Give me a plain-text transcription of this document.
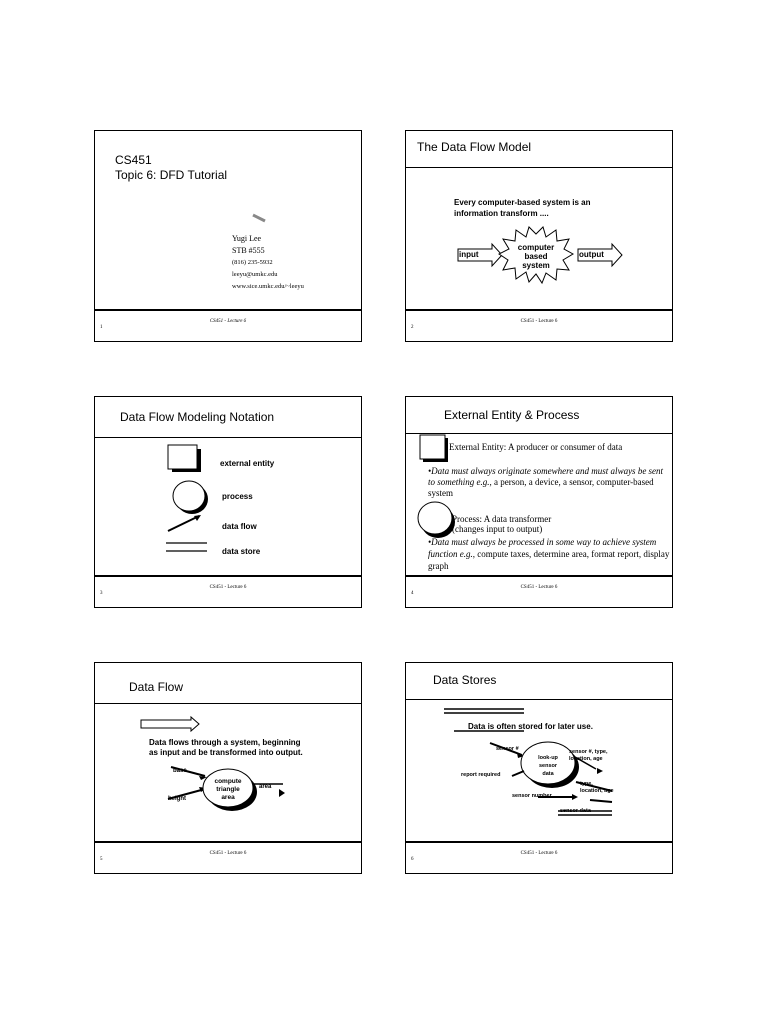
CS451
Topic 6: DFD Tutorial
Yugi Lee
STB #555
(816) 235-5932
leeyu@umkc.edu
www.sice.umkc.edu/~leeyu
CS451 - Lecture 6
1
The Data Flow Model
Every computer-based system is an
information transform ....
input
computer
based
system
output
CS451 - Lecture 6
2
Data Flow Modeling Notation
external entity
process
data flow
data store
CS451 - Lecture 6
3
External Entity & Process
External Entity: A producer or consumer of data
•Data must always originate somewhere and must always be sent to something e.g., a person, a device, a sensor, computer-based system
Process: A data transformer
(changes input to output)
•Data must always be processed in some way to achieve system function e.g., compute taxes, determine area, format report, display graph
CS451 - Lecture 6
4
Data Flow
Data flows through a system, beginning
as input and be transformed into output.
base
height
compute
triangle
area
area
CS451 - Lecture 6
5
Data Stores
Data is often stored for later use.
sensor #
report required
sensor number
look-up
sensor
data
sensor #, type,
location, age
type,
location, age
sensor data
CS451 - Lecture 6
6
